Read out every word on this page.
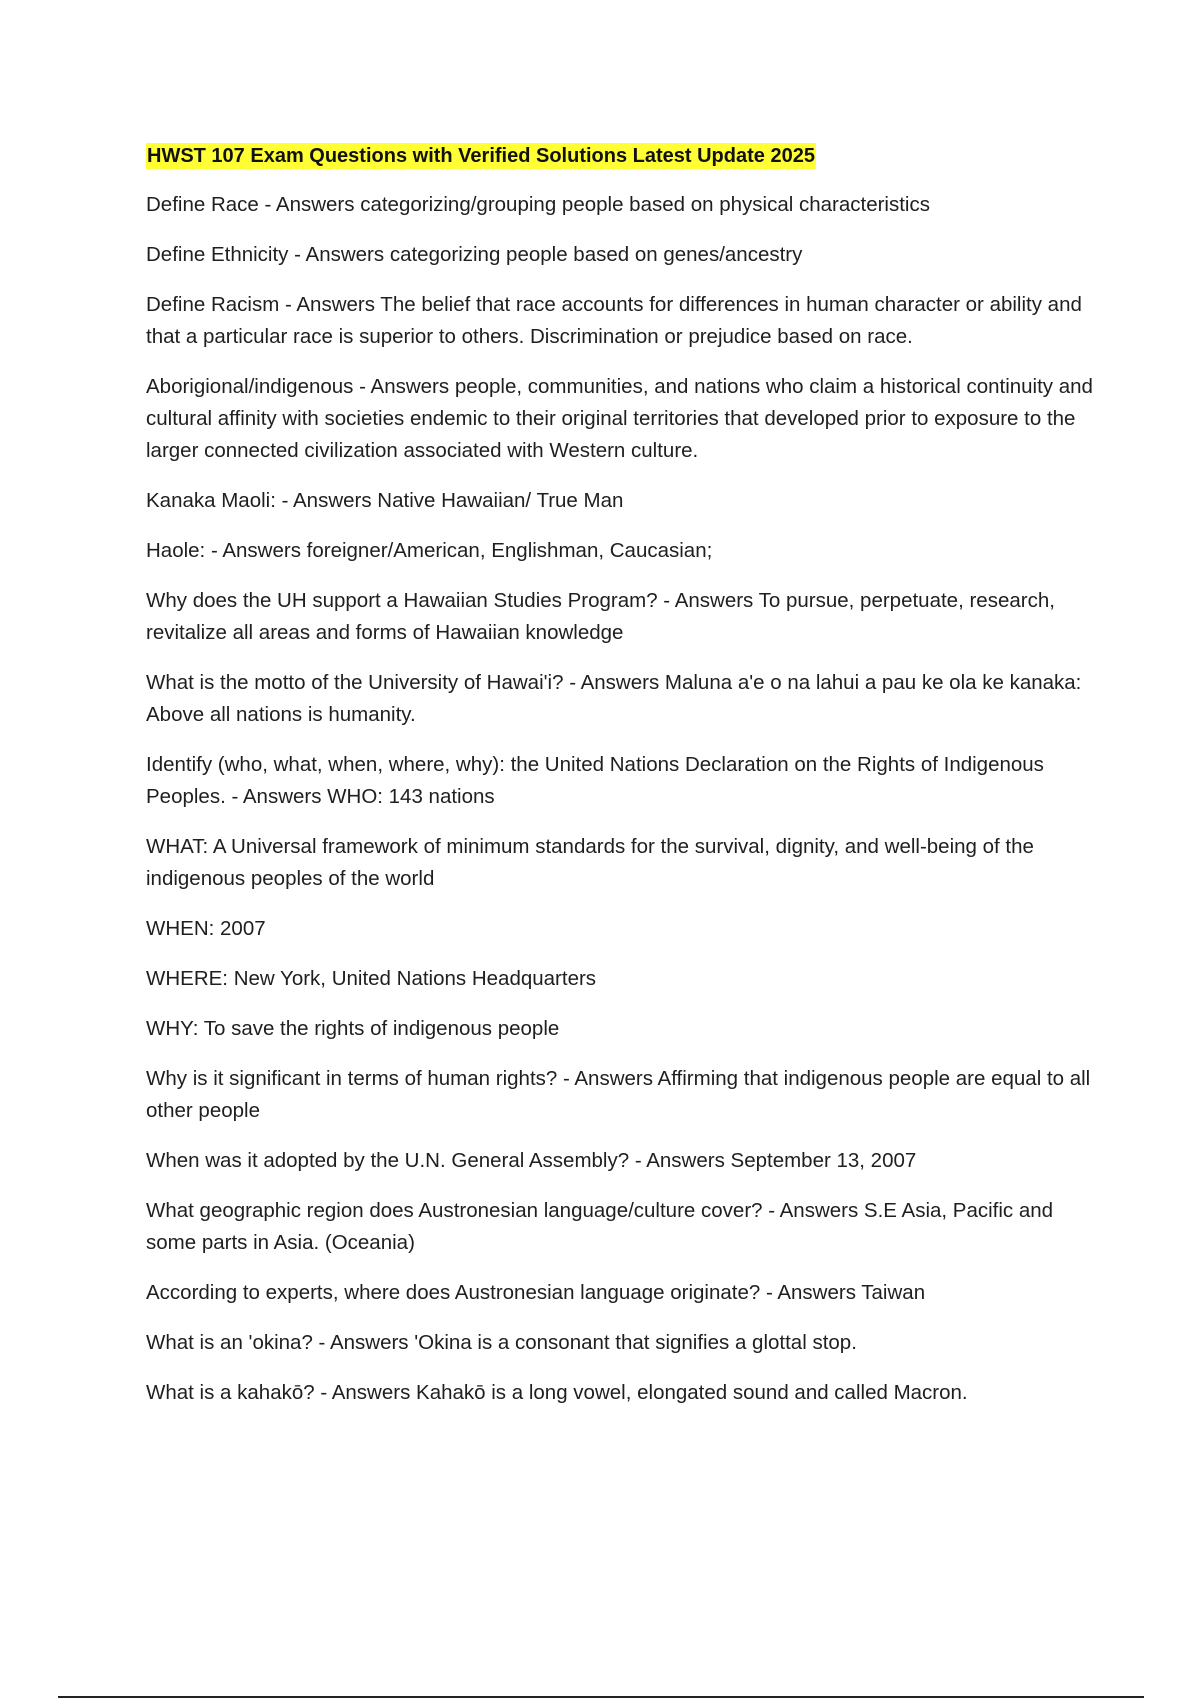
HWST 107 Exam Questions with Verified Solutions Latest Update 2025

Define Race - Answers categorizing/grouping people based on physical characteristics

Define Ethnicity - Answers categorizing people based on genes/ancestry

Define Racism - Answers The belief that race accounts for differences in human character or ability and that a particular race is superior to others. Discrimination or prejudice based on race.

Aborigional/indigenous - Answers people, communities, and nations who claim a historical continuity and cultural affinity with societies endemic to their original territories that developed prior to exposure to the larger connected civilization associated with Western culture.

Kanaka Maoli: - Answers Native Hawaiian/ True Man

Haole: - Answers foreigner/American, Englishman, Caucasian;

Why does the UH support a Hawaiian Studies Program? - Answers To pursue, perpetuate, research, revitalize all areas and forms of Hawaiian knowledge

What is the motto of the University of Hawai'i? - Answers Maluna a'e o na lahui a pau ke ola ke kanaka: Above all nations is humanity.

Identify (who, what, when, where, why): the United Nations Declaration on the Rights of Indigenous Peoples. - Answers WHO: 143 nations

WHAT: A Universal framework of minimum standards for the survival, dignity, and well-being of the indigenous peoples of the world

WHEN: 2007

WHERE: New York, United Nations Headquarters

WHY: To save the rights of indigenous people

Why is it significant in terms of human rights? - Answers Affirming that indigenous people are equal to all other people

When was it adopted by the U.N. General Assembly? - Answers September 13, 2007

What geographic region does Austronesian language/culture cover? - Answers S.E Asia, Pacific and some parts in Asia. (Oceania)

According to experts, where does Austronesian language originate? - Answers Taiwan

What is an 'okina? - Answers 'Okina is a consonant that signifies a glottal stop.

What is a kahakō? - Answers Kahakō is a long vowel, elongated sound and called Macron.
